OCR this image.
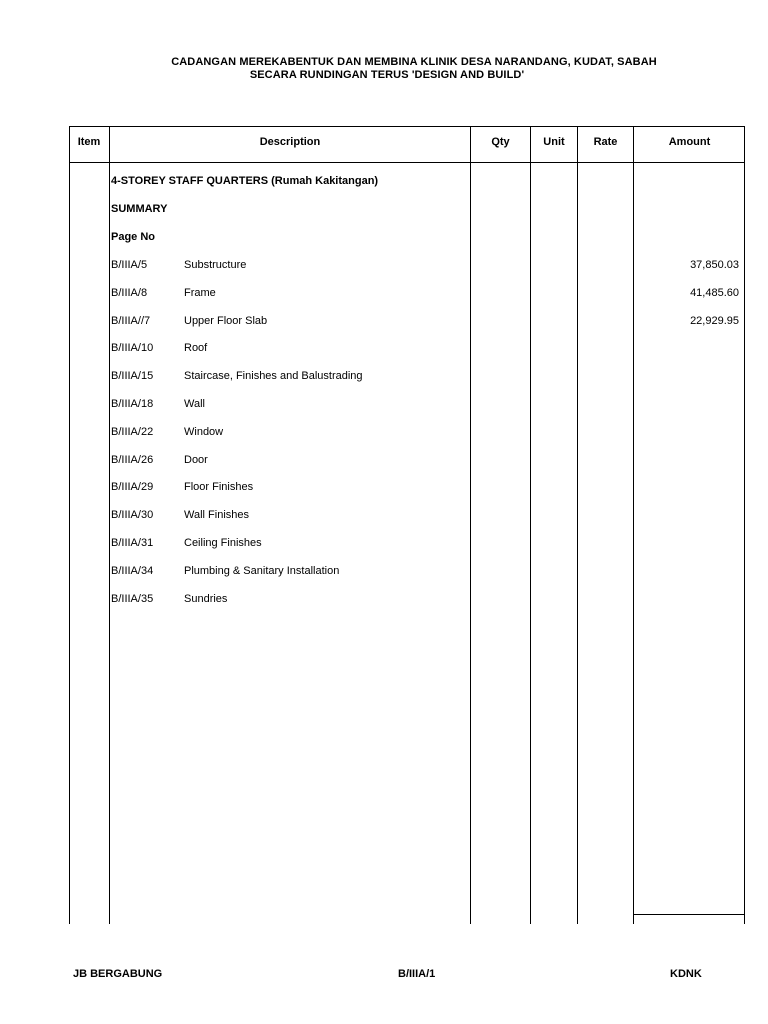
CADANGAN MEREKABENTUK DAN MEMBINA KLINIK DESA NARANDANG, KUDAT, SABAH
SECARA RUNDINGAN TERUS 'DESIGN AND BUILD'
Item	Description	Qty	Unit	Rate	Amount
4-STOREY STAFF QUARTERS (Rumah Kakitangan)
SUMMARY
Page No
B/IIIA/5	Substructure	37,850.03
B/IIIA/8	Frame	41,485.60
B/IIIA//7	Upper Floor Slab	22,929.95
B/IIIA/10	Roof
B/IIIA/15	Staircase, Finishes and Balustrading
B/IIIA/18	Wall
B/IIIA/22	Window
B/IIIA/26	Door
B/IIIA/29	Floor Finishes
B/IIIA/30	Wall Finishes
B/IIIA/31	Ceiling Finishes
B/IIIA/34	Plumbing & Sanitary Installation
B/IIIA/35	Sundries
JB BERGABUNG	B/IIIA/1	KDNK
